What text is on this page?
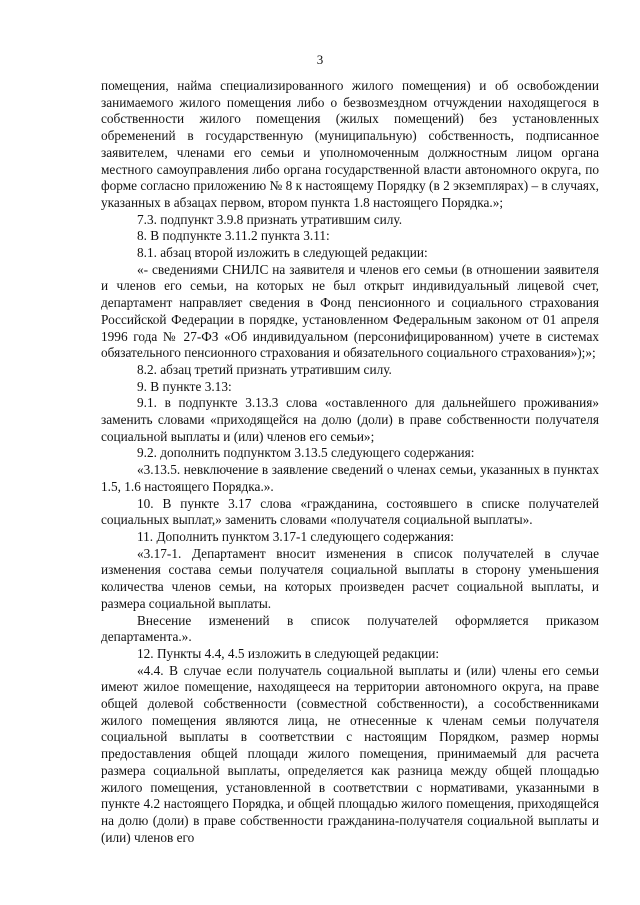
3

помещения, найма специализированного жилого помещения) и об освобождении занимаемого жилого помещения либо о безвозмездном отчуждении находящегося в собственности жилого помещения (жилых помещений) без установленных обременений в государственную (муниципальную) собственность, подписанное заявителем, членами его семьи и уполномоченным должностным лицом органа местного самоуправления либо органа государственной власти автономного округа, по форме согласно приложению № 8 к настоящему Порядку (в 2 экземплярах) – в случаях, указанных в абзацах первом, втором пункта 1.8 настоящего Порядка.»;

7.3. подпункт 3.9.8 признать утратившим силу.

8. В подпункте 3.11.2 пункта 3.11:

8.1. абзац второй изложить в следующей редакции:

«- сведениями СНИЛС на заявителя и членов его семьи (в отношении заявителя и членов его семьи, на которых не был открыт индивидуальный лицевой счет, департамент направляет сведения в Фонд пенсионного и социального страхования Российской Федерации в порядке, установленном Федеральным законом от 01 апреля 1996 года № 27-ФЗ «Об индивидуальном (персонифицированном) учете в системах обязательного пенсионного страхования и обязательного социального страхования»);»;

8.2. абзац третий признать утратившим силу.

9. В пункте 3.13:

9.1. в подпункте 3.13.3 слова «оставленного для дальнейшего проживания» заменить словами «приходящейся на долю (доли) в праве собственности получателя социальной выплаты и (или) членов его семьи»;

9.2. дополнить подпунктом 3.13.5 следующего содержания:

«3.13.5. невключение в заявление сведений о членах семьи, указанных в пунктах 1.5, 1.6 настоящего Порядка.».

10. В пункте 3.17 слова «гражданина, состоявшего в списке получателей социальных выплат,» заменить словами «получателя социальной выплаты».

11. Дополнить пунктом 3.17-1 следующего содержания:

«3.17-1. Департамент вносит изменения в список получателей в случае изменения состава семьи получателя социальной выплаты в сторону уменьшения количества членов семьи, на которых произведен расчет социальной выплаты, и размера социальной выплаты.

Внесение изменений в список получателей оформляется приказом департамента.».

12. Пункты 4.4, 4.5 изложить в следующей редакции:

«4.4. В случае если получатель социальной выплаты и (или) члены его семьи имеют жилое помещение, находящееся на территории автономного округа, на праве общей долевой собственности (совместной собственности), а сособственниками жилого помещения являются лица, не отнесенные к членам семьи получателя социальной выплаты в соответствии с настоящим Порядком, размер нормы предоставления общей площади жилого помещения, принимаемый для расчета размера социальной выплаты, определяется как разница между общей площадью жилого помещения, установленной в соответствии с нормативами, указанными в пункте 4.2 настоящего Порядка, и общей площадью жилого помещения, приходящейся на долю (доли) в праве собственности гражданина-получателя социальной выплаты и (или) членов его
